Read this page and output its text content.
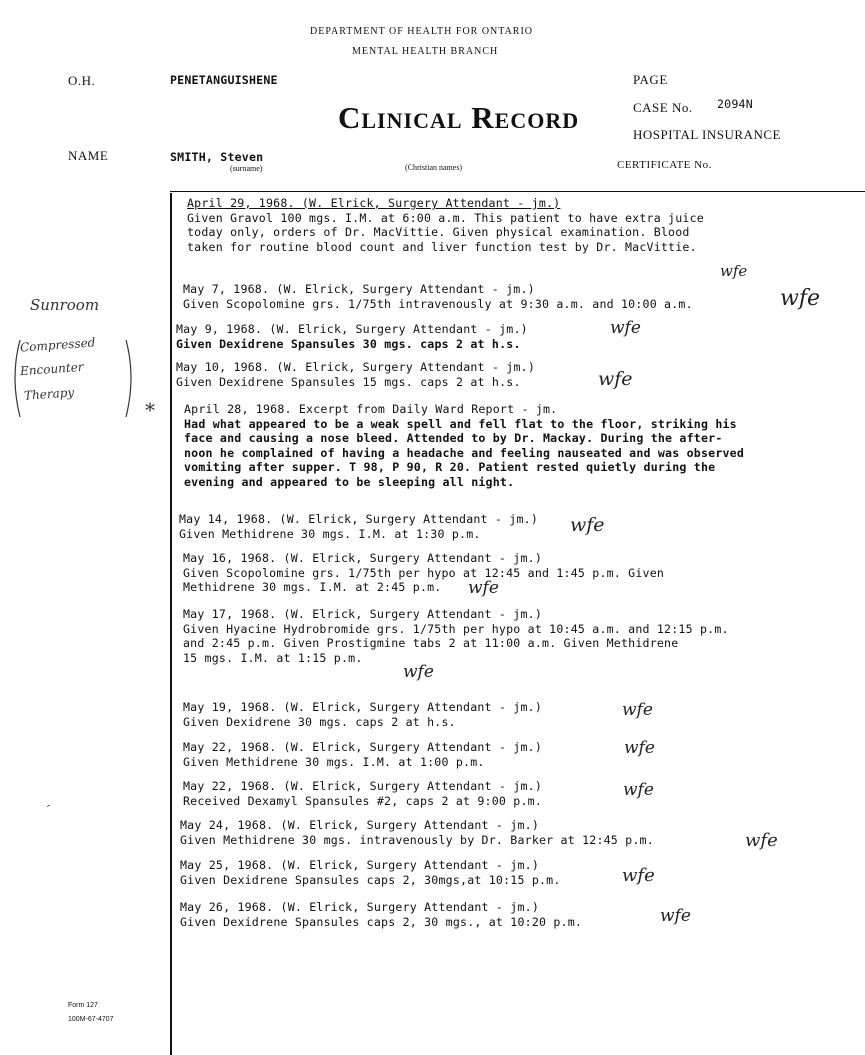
DEPARTMENT OF HEALTH FOR ONTARIO
MENTAL HEALTH BRANCH
O.H.	PENETANGUISHENE	PAGE
Clinical Record	CASE No. 2094N
HOSPITAL INSURANCE
NAME	SMITH, Steven
(surname)	(Christian names)	CERTIFICATE No.
Sunroom
Compressed
Encounter
Therapy
*
April 29, 1968. (W. Elrick, Surgery Attendant - jm.)
Given Gravol 100 mgs. I.M. at 6:00 a.m. This patient to have extra juice
today only, orders of Dr. MacVittie. Given physical examination. Blood
taken for routine blood count and liver function test by Dr. MacVittie.
May 7, 1968. (W. Elrick, Surgery Attendant - jm.)
Given Scopolomine grs. 1/75th intravenously at 9:30 a.m. and 10:00 a.m.
May 9, 1968. (W. Elrick, Surgery Attendant - jm.)
Given Dexidrene Spansules 30 mgs. caps 2 at h.s.
May 10, 1968. (W. Elrick, Surgery Attendant - jm.)
Given Dexidrene Spansules 15 mgs. caps 2 at h.s.
April 28, 1968. Excerpt from Daily Ward Report - jm.
Had what appeared to be a weak spell and fell flat to the floor, striking his
face and causing a nose bleed. Attended to by Dr. Mackay. During the after-
noon he complained of having a headache and feeling nauseated and was observed
vomiting after supper. T 98, P 90, R 20. Patient rested quietly during the
evening and appeared to be sleeping all night.
May 14, 1968. (W. Elrick, Surgery Attendant - jm.)
Given Methidrene 30 mgs. I.M. at 1:30 p.m.
May 16, 1968. (W. Elrick, Surgery Attendant - jm.)
Given Scopolomine grs. 1/75th per hypo at 12:45 and 1:45 p.m. Given
Methidrene 30 mgs. I.M. at 2:45 p.m.
May 17, 1968. (W. Elrick, Surgery Attendant - jm.)
Given Hyacine Hydrobromide grs. 1/75th per hypo at 10:45 a.m. and 12:15 p.m.
and 2:45 p.m. Given Prostigmine tabs 2 at 11:00 a.m. Given Methidrene
15 mgs. I.M. at 1:15 p.m.
May 19, 1968. (W. Elrick, Surgery Attendant - jm.)
Given Dexidrene 30 mgs. caps 2 at h.s.
May 22, 1968. (W. Elrick, Surgery Attendant - jm.)
Given Methidrene 30 mgs. I.M. at 1:00 p.m.
May 22, 1968. (W. Elrick, Surgery Attendant - jm.)
Received Dexamyl Spansules #2, caps 2 at 9:00 p.m.
May 24, 1968. (W. Elrick, Surgery Attendant - jm.)
Given Methidrene 30 mgs. intravenously by Dr. Barker at 12:45 p.m.
May 25, 1968. (W. Elrick, Surgery Attendant - jm.)
Given Dexidrene Spansules caps 2, 30mgs,at 10:15 p.m.
May 26, 1968. (W. Elrick, Surgery Attendant - jm.)
Given Dexidrene Spansules caps 2, 30 mgs., at 10:20 p.m.
wfe
wfe
wfe
wfe
wfe
wfe
wfe
wfe
wfe
wfe
wfe
wfe
wfe
ˏ
Form 127
100M-67-4707
